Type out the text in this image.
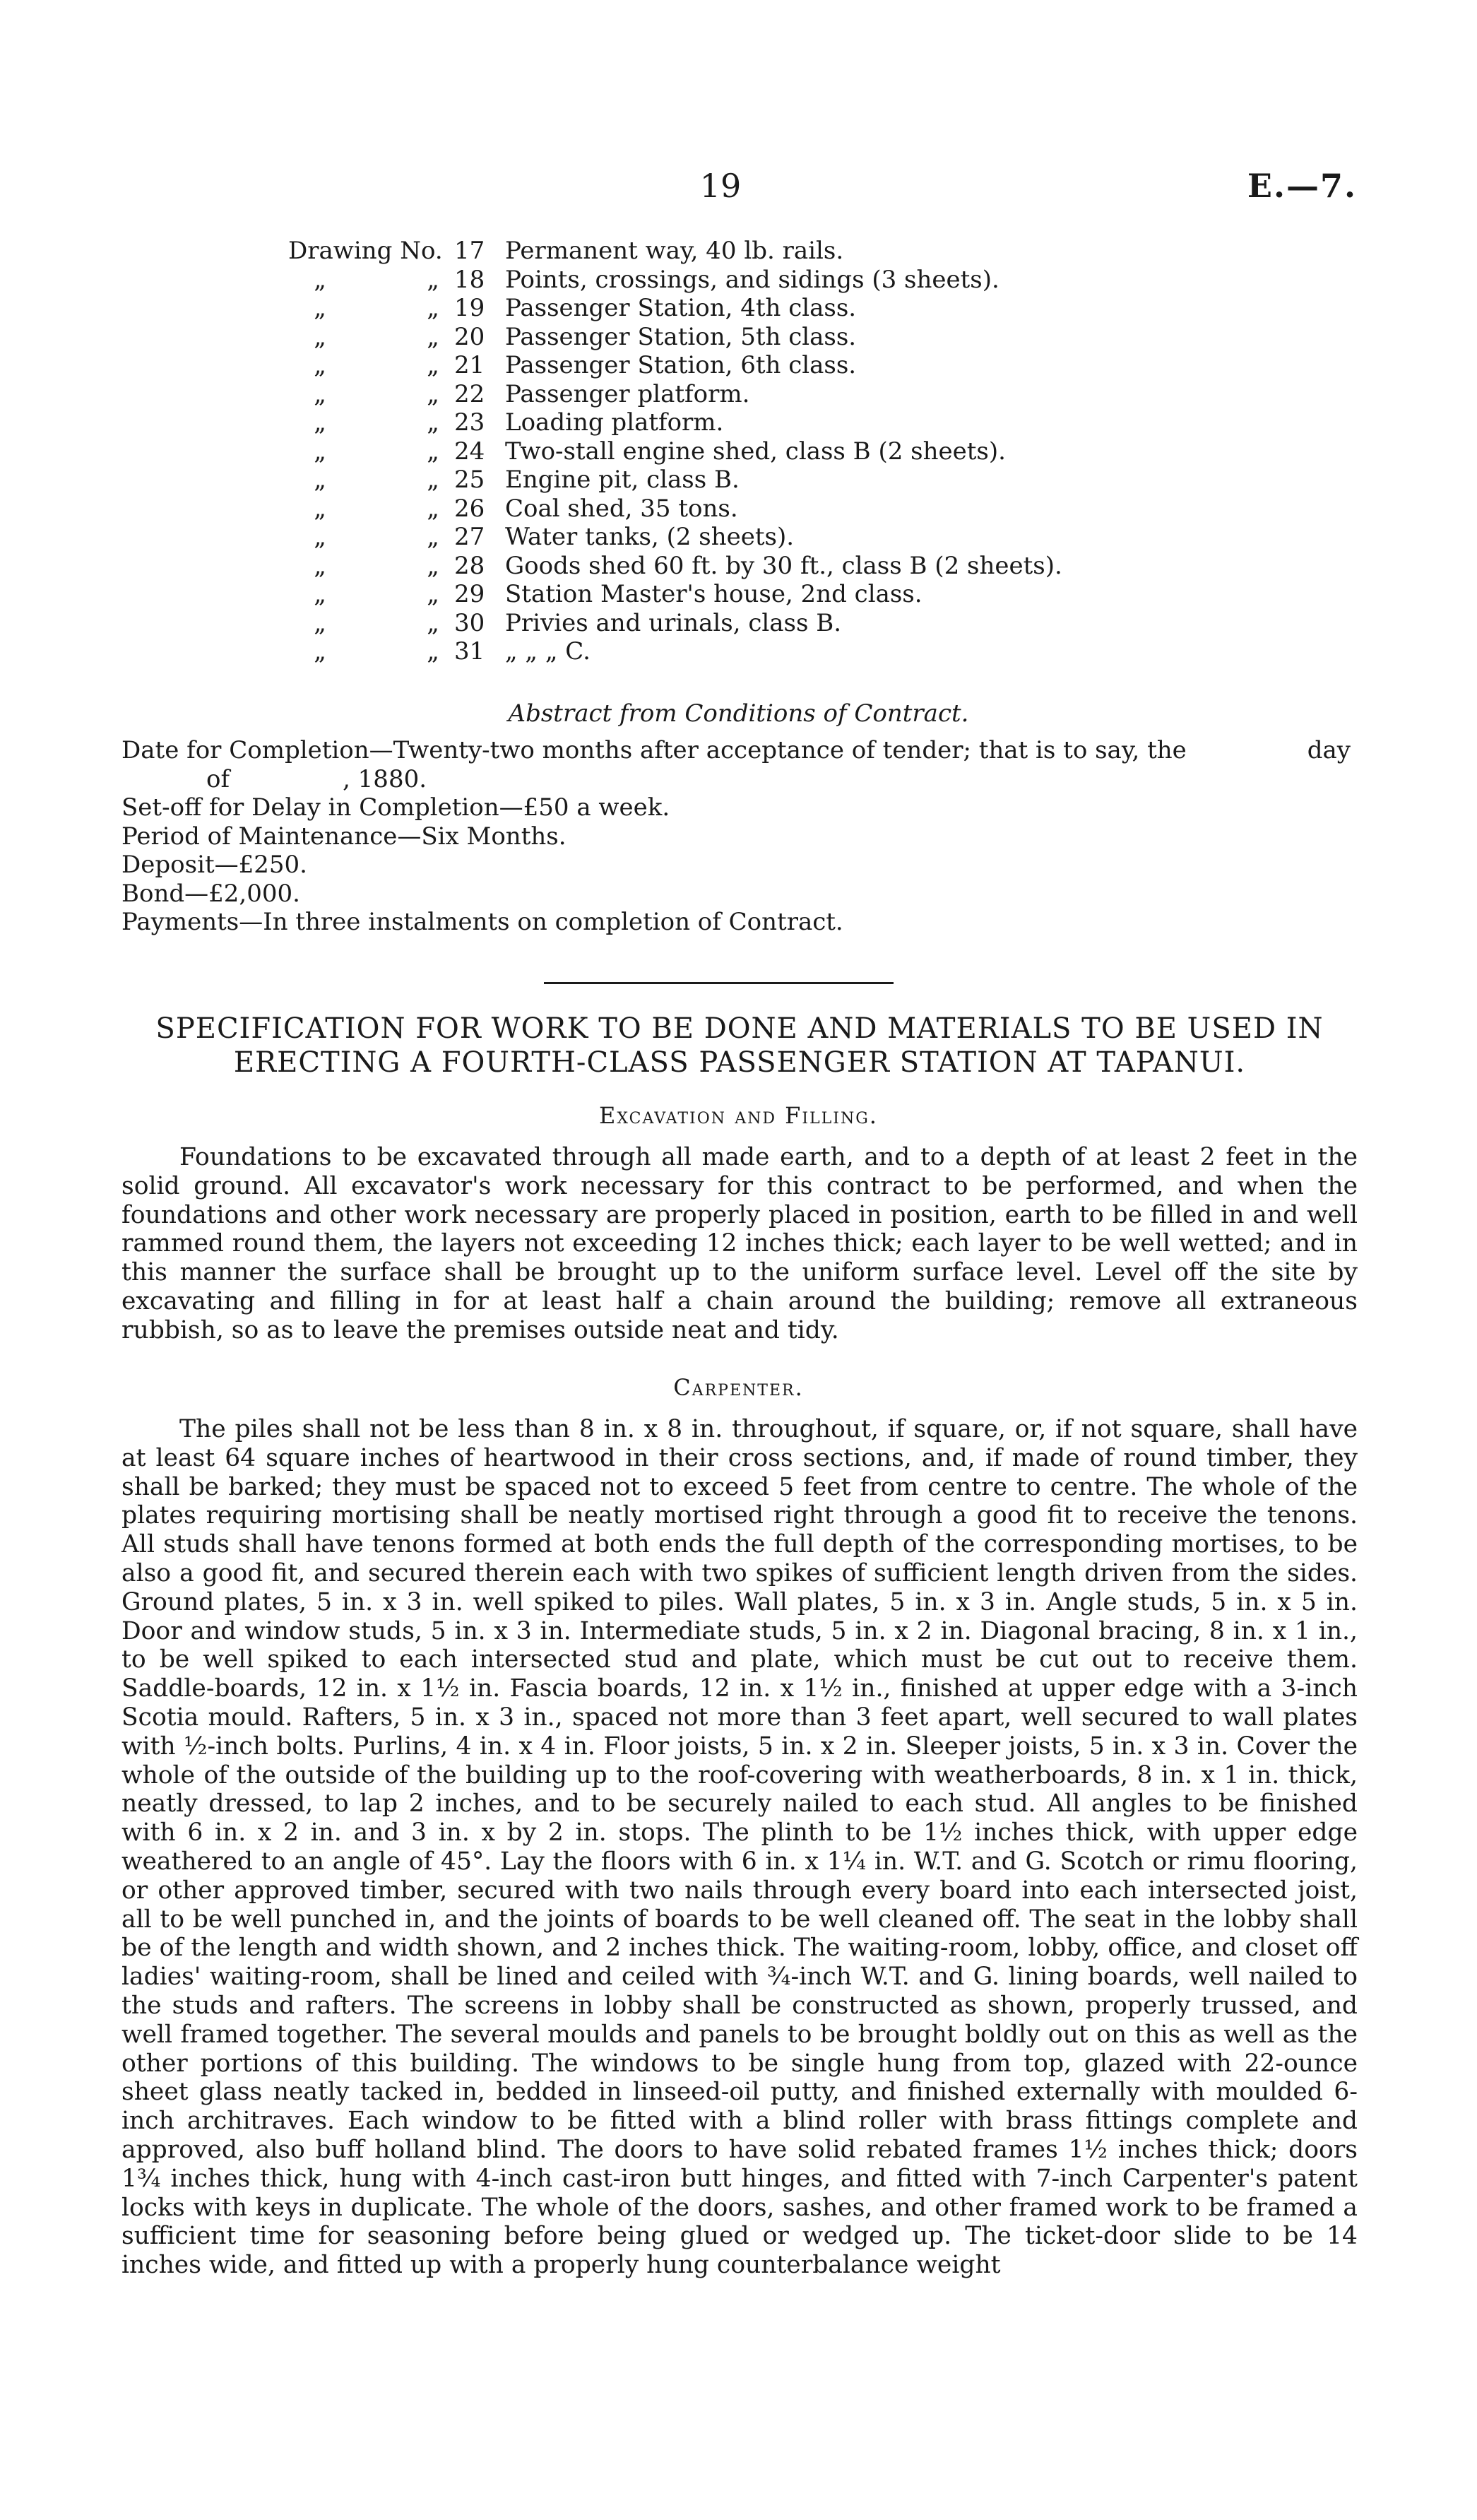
19	E.—7.
Drawing No. 17 Permanent way, 40 lb. rails.
„	„ 18 Points, crossings, and sidings (3 sheets).
„	„ 19 Passenger Station, 4th class.
„	„ 20 Passenger Station, 5th class.
„	„ 21 Passenger Station, 6th class.
„	„ 22 Passenger platform.
„	„ 23 Loading platform.
„	„ 24 Two-stall engine shed, class B (2 sheets).
„	„ 25 Engine pit, class B.
„	„ 26 Coal shed, 35 tons.
„	„ 27 Water tanks, (2 sheets).
„	„ 28 Goods shed 60 ft. by 30 ft., class B (2 sheets).
„	„ 29 Station Master's house, 2nd class.
„	„ 30 Privies and urinals, class B.
„	„ 31 „ „ „ C.
Abstract from Conditions of Contract.
Date for Completion—Twenty-two months after acceptance of tender; that is to say, the	day
of	, 1880.
Set-off for Delay in Completion—£50 a week.
Period of Maintenance—Six Months.
Deposit—£250.
Bond—£2,000.
Payments—In three instalments on completion of Contract.
SPECIFICATION FOR WORK TO BE DONE AND MATERIALS TO BE USED IN
ERECTING A FOURTH-CLASS PASSENGER STATION AT TAPANUI.
Excavation and Filling.
Foundations to be excavated through all made earth, and to a depth of at least 2 feet in the solid ground. All excavator's work necessary for this contract to be performed, and when the foundations and other work necessary are properly placed in position, earth to be filled in and well rammed round them, the layers not exceeding 12 inches thick; each layer to be well wetted; and in this manner the surface shall be brought up to the uniform surface level. Level off the site by excavating and filling in for at least half a chain around the building; remove all extraneous rubbish, so as to leave the premises outside neat and tidy.
Carpenter.
The piles shall not be less than 8 in. x 8 in. throughout, if square, or, if not square, shall have at least 64 square inches of heartwood in their cross sections, and, if made of round timber, they shall be barked; they must be spaced not to exceed 5 feet from centre to centre. The whole of the plates requiring mortising shall be neatly mortised right through a good fit to receive the tenons. All studs shall have tenons formed at both ends the full depth of the corresponding mortises, to be also a good fit, and secured therein each with two spikes of sufficient length driven from the sides. Ground plates, 5 in. x 3 in. well spiked to piles. Wall plates, 5 in. x 3 in. Angle studs, 5 in. x 5 in. Door and window studs, 5 in. x 3 in. Intermediate studs, 5 in. x 2 in. Diagonal bracing, 8 in. x 1 in., to be well spiked to each intersected stud and plate, which must be cut out to receive them. Saddle-boards, 12 in. x 1½ in. Fascia boards, 12 in. x 1½ in., finished at upper edge with a 3-inch Scotia mould. Rafters, 5 in. x 3 in., spaced not more than 3 feet apart, well secured to wall plates with ½-inch bolts. Purlins, 4 in. x 4 in. Floor joists, 5 in. x 2 in. Sleeper joists, 5 in. x 3 in. Cover the whole of the outside of the building up to the roof-covering with weatherboards, 8 in. x 1 in. thick, neatly dressed, to lap 2 inches, and to be securely nailed to each stud. All angles to be finished with 6 in. x 2 in. and 3 in. x by 2 in. stops. The plinth to be 1½ inches thick, with upper edge weathered to an angle of 45°. Lay the floors with 6 in. x 1¼ in. W.T. and G. Scotch or rimu flooring, or other approved timber, secured with two nails through every board into each intersected joist, all to be well punched in, and the joints of boards to be well cleaned off. The seat in the lobby shall be of the length and width shown, and 2 inches thick. The waiting-room, lobby, office, and closet off ladies' waiting-room, shall be lined and ceiled with ¾-inch W.T. and G. lining boards, well nailed to the studs and rafters. The screens in lobby shall be constructed as shown, properly trussed, and well framed together. The several moulds and panels to be brought boldly out on this as well as the other portions of this building. The windows to be single hung from top, glazed with 22-ounce sheet glass neatly tacked in, bedded in linseed-oil putty, and finished externally with moulded 6-inch architraves. Each window to be fitted with a blind roller with brass fittings complete and approved, also buff holland blind. The doors to have solid rebated frames 1½ inches thick; doors 1¾ inches thick, hung with 4-inch cast-iron butt hinges, and fitted with 7-inch Carpenter's patent locks with keys in duplicate. The whole of the doors, sashes, and other framed work to be framed a sufficient time for seasoning before being glued or wedged up. The ticket-door slide to be 14 inches wide, and fitted up with a properly hung counterbalance weight
